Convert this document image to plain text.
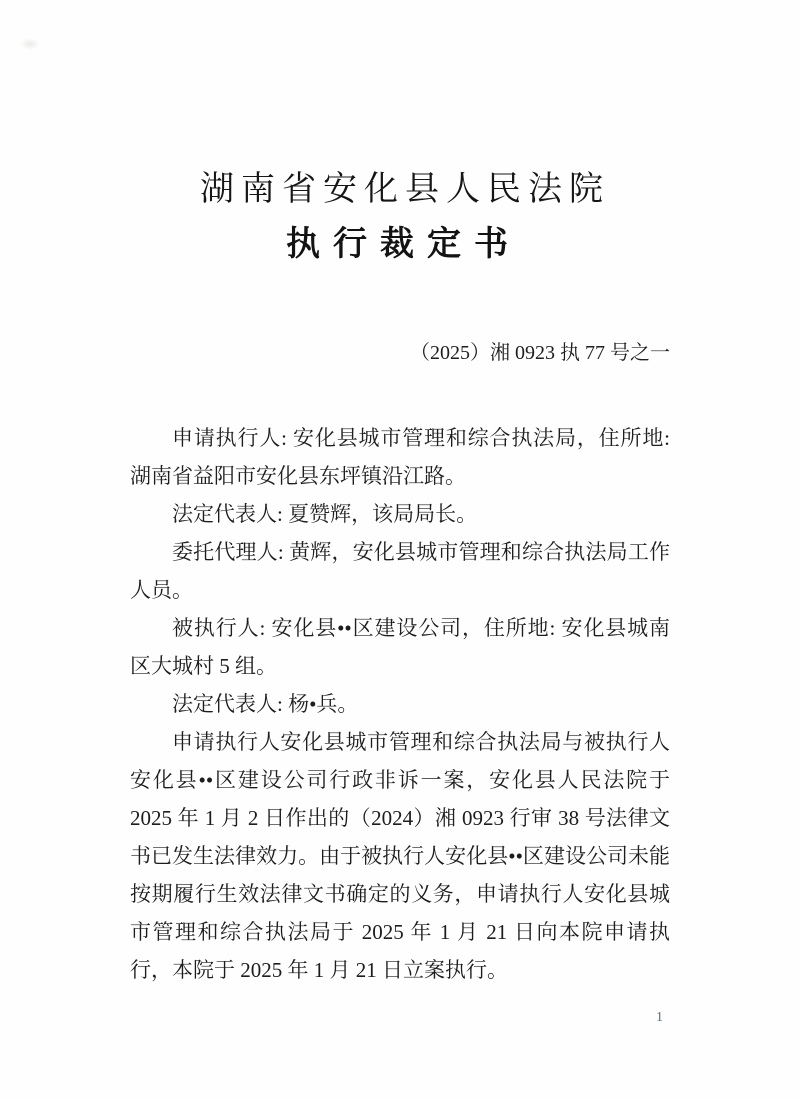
湖南省安化县人民法院
执行裁定书
（2025）湘 0923 执 77 号之一

申请执行人: 安化县城市管理和综合执法局，住所地: 湖南省益阳市安化县东坪镇沿江路。

法定代表人: 夏赞辉，该局局长。

委托代理人: 黄辉，安化县城市管理和综合执法局工作人员。

被执行人: 安化县••区建设公司，住所地: 安化县城南区大城村 5 组。

法定代表人: 杨•兵。

申请执行人安化县城市管理和综合执法局与被执行人安化县••区建设公司行政非诉一案，安化县人民法院于 2025 年 1 月 2 日作出的（2024）湘 0923 行审 38 号法律文书已发生法律效力。由于被执行人安化县••区建设公司未能按期履行生效法律文书确定的义务，申请执行人安化县城市管理和综合执法局于 2025 年 1 月 21 日向本院申请执行，本院于 2025 年 1 月 21 日立案执行。

1
